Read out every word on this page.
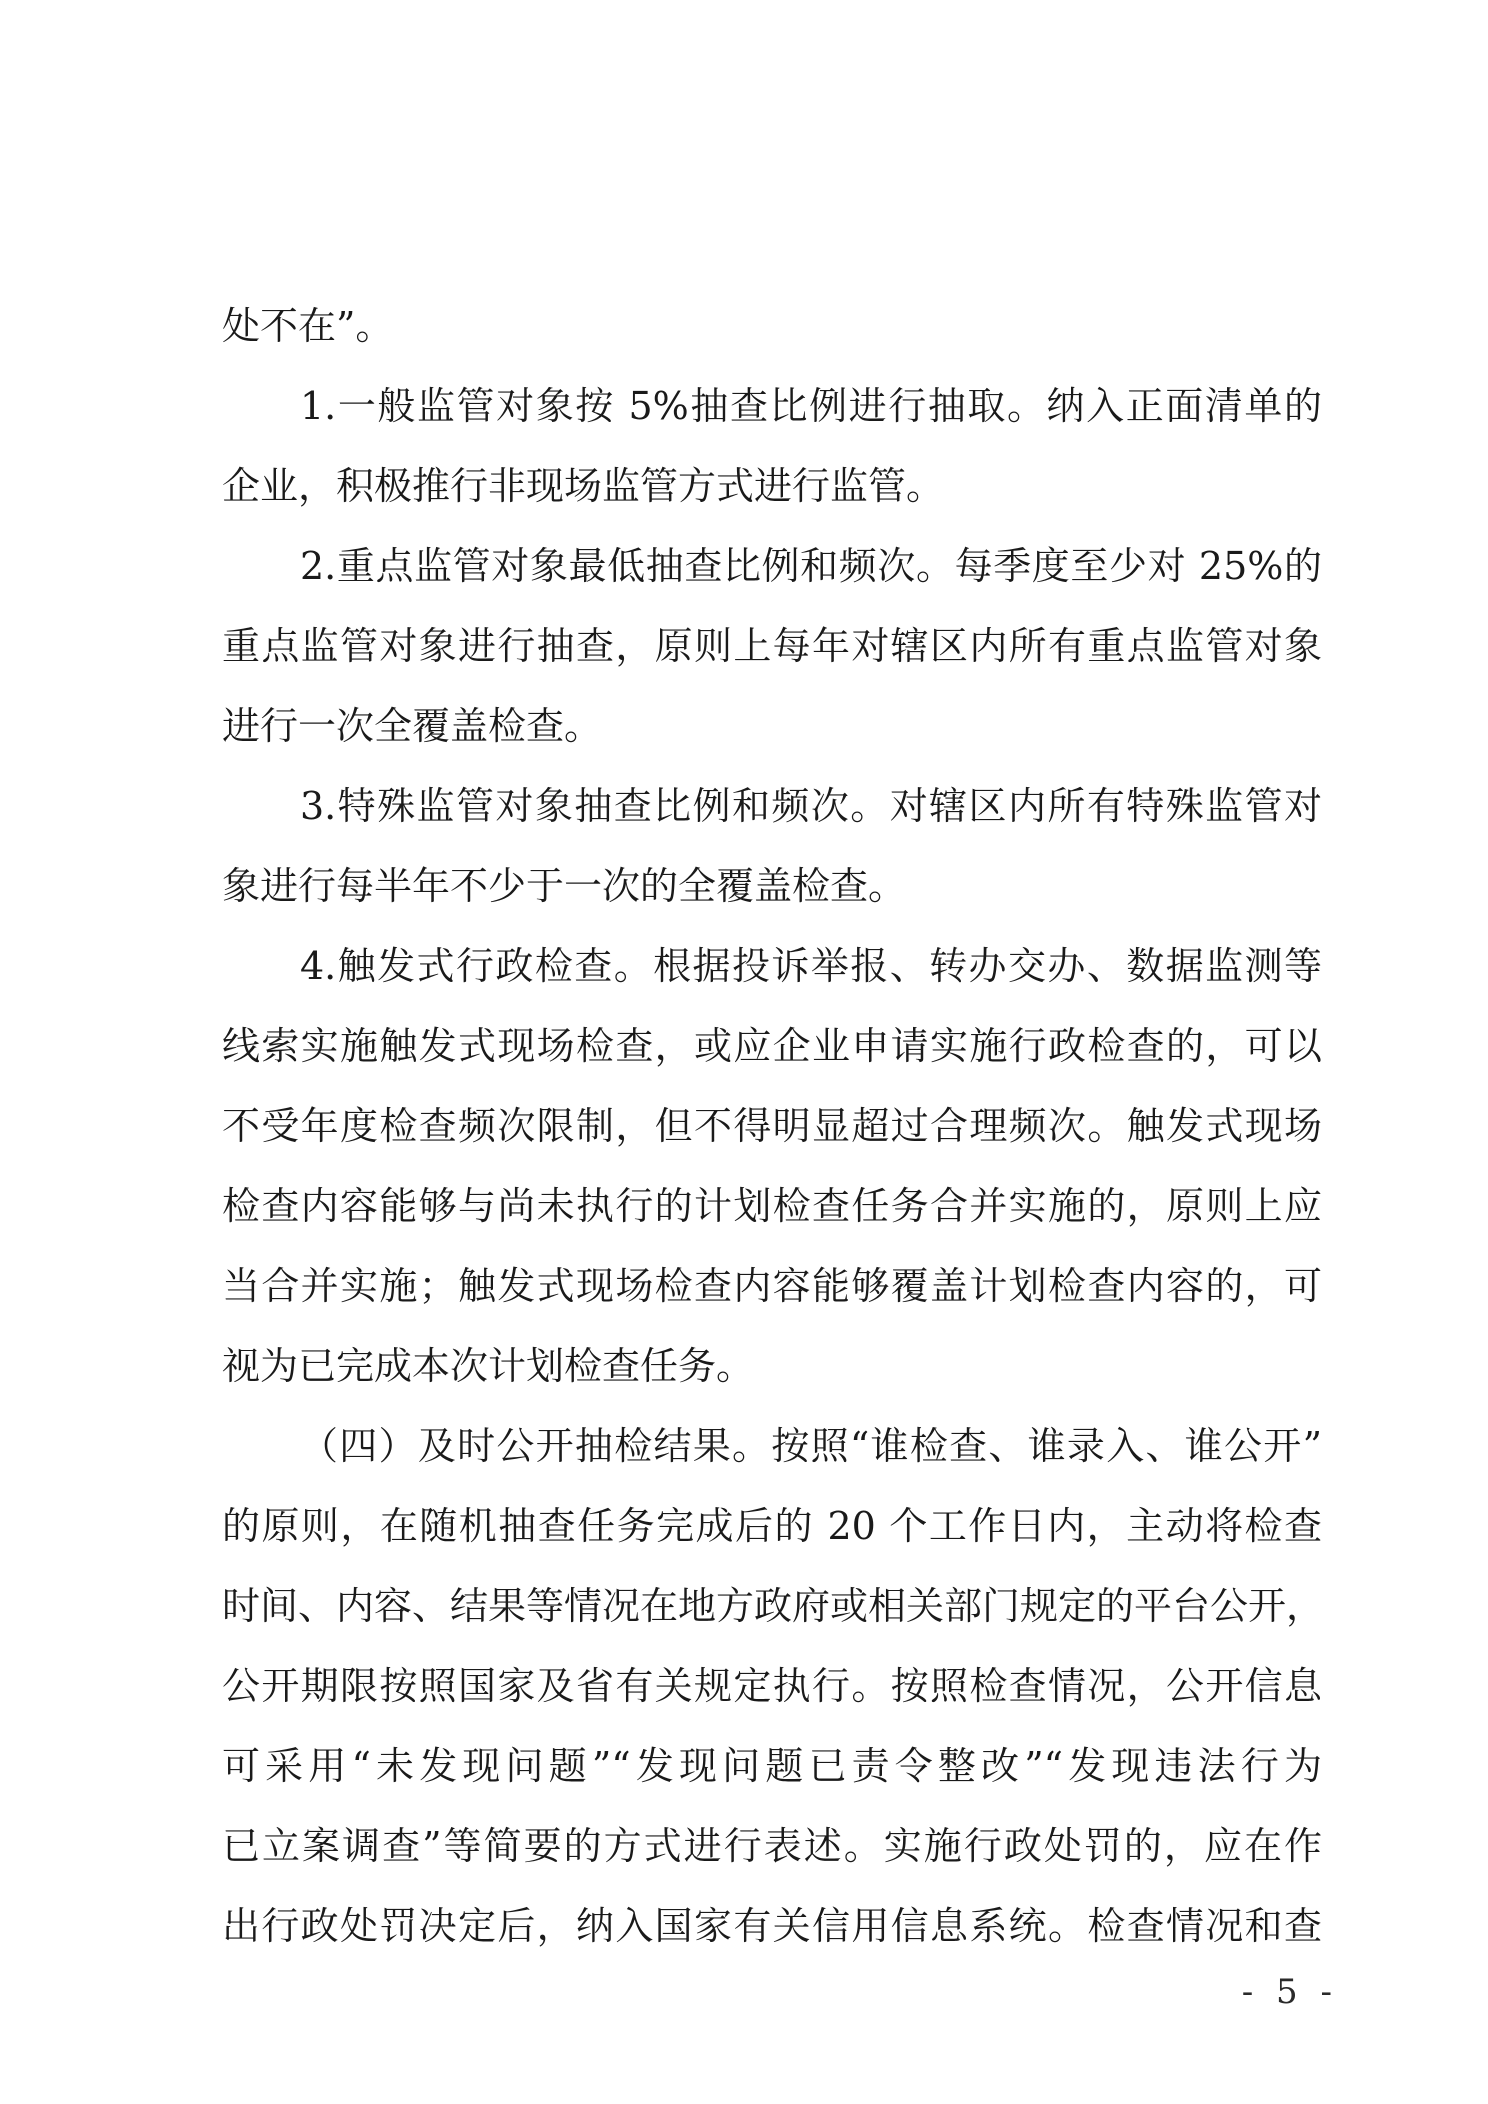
处不在”。
1.一般监管对象按 5%抽查比例进行抽取。纳入正面清单的
企业，积极推行非现场监管方式进行监管。
2.重点监管对象最低抽查比例和频次。每季度至少对 25%的
重点监管对象进行抽查，原则上每年对辖区内所有重点监管对象
进行一次全覆盖检查。
3.特殊监管对象抽查比例和频次。对辖区内所有特殊监管对
象进行每半年不少于一次的全覆盖检查。
4.触发式行政检查。根据投诉举报、转办交办、数据监测等
线索实施触发式现场检查，或应企业申请实施行政检查的，可以
不受年度检查频次限制，但不得明显超过合理频次。触发式现场
检查内容能够与尚未执行的计划检查任务合并实施的，原则上应
当合并实施；触发式现场检查内容能够覆盖计划检查内容的，可
视为已完成本次计划检查任务。
（四）及时公开抽检结果。按照“谁检查、谁录入、谁公开”
的原则，在随机抽查任务完成后的 20 个工作日内，主动将检查
时间、内容、结果等情况在地方政府或相关部门规定的平台公开，
公开期限按照国家及省有关规定执行。按照检查情况，公开信息
可采用“未发现问题”“发现问题已责令整改”“发现违法行为
已立案调查”等简要的方式进行表述。实施行政处罚的，应在作
出行政处罚决定后，纳入国家有关信用信息系统。检查情况和查
- 5 -
